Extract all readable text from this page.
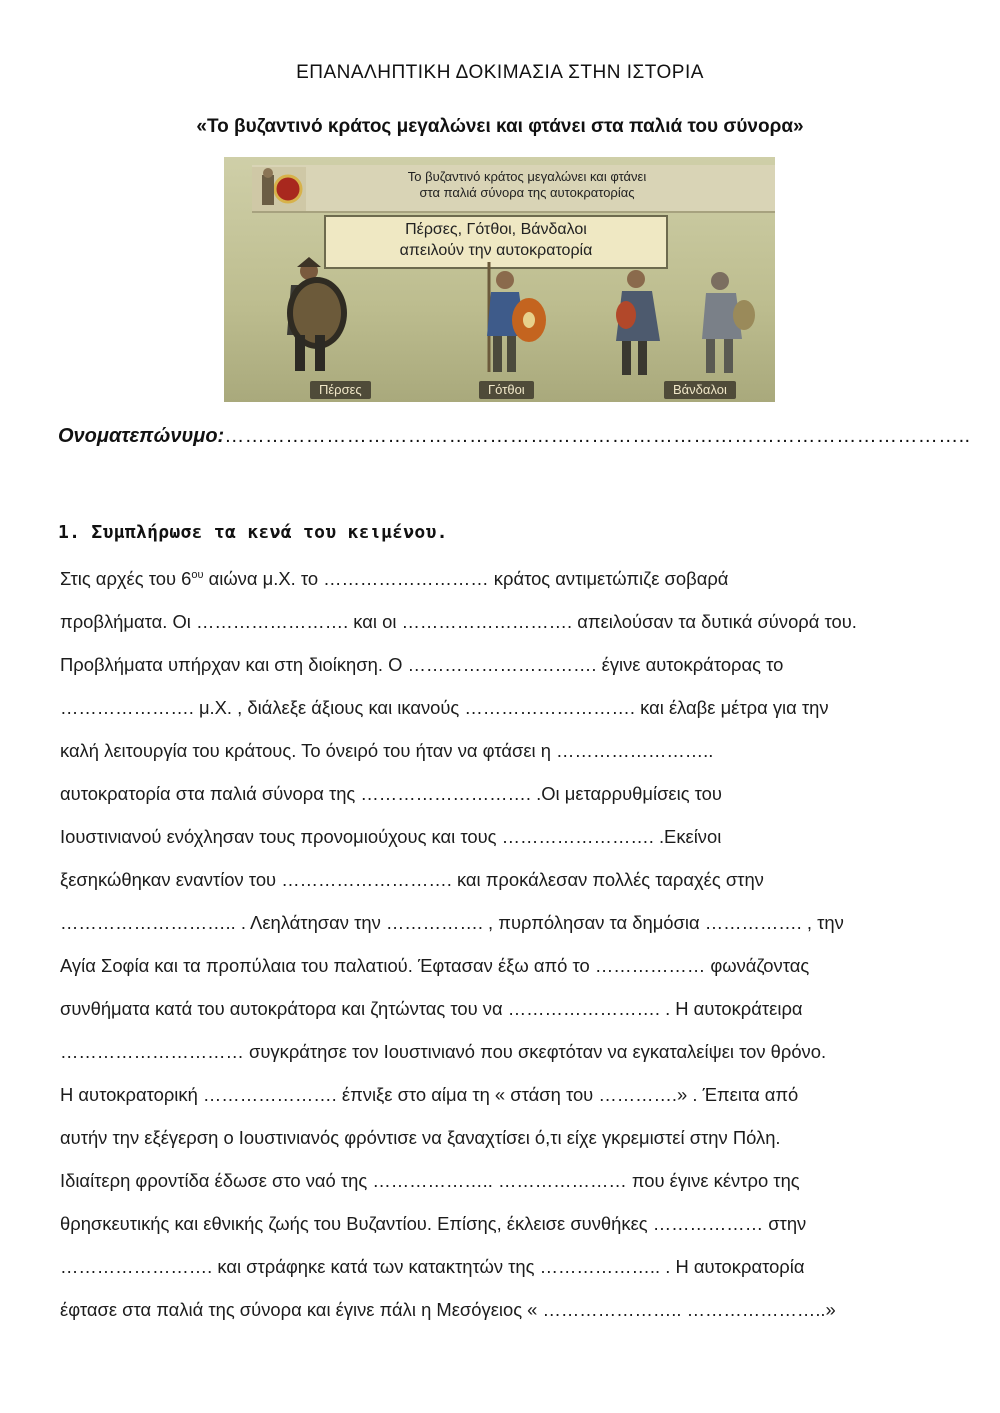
ΕΠΑΝΑΛΗΠΤΙΚΗ ΔΟΚΙΜΑΣΙΑ ΣΤΗΝ ΙΣΤΟΡΙΑ
«Το βυζαντινό κράτος μεγαλώνει και φτάνει στα παλιά του σύνορα»
Το βυζαντινό κράτος μεγαλώνει και φτάνει
στα παλιά σύνορα της αυτοκρατορίας
Πέρσες, Γότθοι, Βάνδαλοι
απειλούν την αυτοκρατορία
Πέρσες	Γότθοι	Βάνδαλοι
Ονοματεπώνυμο:………………………………………………………………………………………………..
1. Συμπλήρωσε τα κενά του κειμένου.
Στις αρχές του $6^{o\upsilon}$ αιώνα μ.Χ. το ……………………… κράτος αντιμετώπιζε σοβαρά
προβλήματα. Οι ……………………. και οι ………………………. απειλούσαν τα δυτικά σύνορά του.
Προβλήματα υπήρχαν και στη διοίκηση. Ο …………………………. έγινε αυτοκράτορας το
…………………. μ.Χ. , διάλεξε άξιους και ικανούς ………………………. και έλαβε μέτρα για την
καλή λειτουργία του κράτους. Το όνειρό του ήταν να φτάσει η ……………………..
αυτοκρατορία στα παλιά σύνορα της ………………………. .Οι μεταρρυθμίσεις του
Ιουστινιανού ενόχλησαν τους προνομιούχους και τους ……………………. .Εκείνοι
ξεσηκώθηκαν εναντίον του ………………………. και προκάλεσαν πολλές ταραχές στην
……………………….. . Λεηλάτησαν την ……………. , πυρπόλησαν τα δημόσια ……………. , την
Αγία Σοφία και τα προπύλαια του παλατιού. Έφτασαν έξω από το ……………… φωνάζοντας
συνθήματα κατά του αυτοκράτορα και ζητώντας του να ……………………. . Η αυτοκράτειρα
………………………… συγκράτησε τον Ιουστινιανό που σκεφτόταν να εγκαταλείψει τον θρόνο.
Η αυτοκρατορική …………………. έπνιξε στο αίμα τη « στάση του ………….» . Έπειτα από
αυτήν την εξέγερση ο Ιουστινιανός φρόντισε να ξαναχτίσει ό,τι είχε γκρεμιστεί στην Πόλη.
Ιδιαίτερη φροντίδα έδωσε στο ναό της ……………….. ………………… που έγινε κέντρο της
θρησκευτικής και εθνικής ζωής του Βυζαντίου. Επίσης, έκλεισε συνθήκες ……………… στην
……………………. και στράφηκε κατά των κατακτητών της ……………….. . Η αυτοκρατορία
έφτασε στα παλιά της σύνορα και έγινε πάλι η Μεσόγειος « ………………….. …………………..»
